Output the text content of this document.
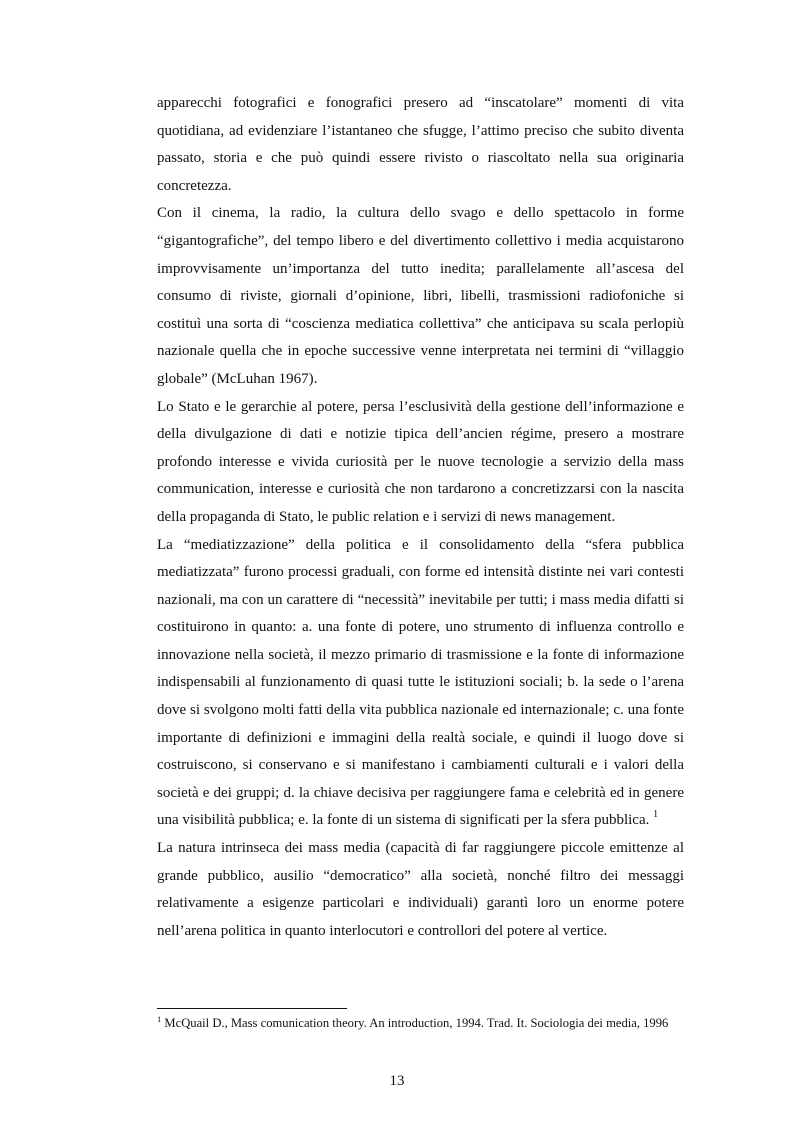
apparecchi fotografici e fonografici presero ad “inscatolare” momenti di vita quotidiana, ad evidenziare l’istantaneo che sfugge, l’attimo preciso che subito diventa passato, storia e che può quindi essere rivisto o riascoltato nella sua originaria concretezza.

Con il cinema, la radio, la cultura dello svago e dello spettacolo in forme “gigantografiche”, del tempo libero e del divertimento collettivo i media acquistarono improvvisamente un’importanza del tutto inedita; parallelamente all’ascesa del consumo di riviste, giornali d’opinione, libri, libelli, trasmissioni radiofoniche si costituì una sorta di “coscienza mediatica collettiva” che anticipava su scala perlopiù nazionale quella che in epoche successive venne interpretata nei termini di “villaggio globale” (McLuhan 1967).

Lo Stato e le gerarchie al potere, persa l’esclusività della gestione dell’informazione e della divulgazione di dati e notizie tipica dell’ancien régime, presero a mostrare profondo interesse e vivida curiosità per le nuove tecnologie a servizio della mass communication, interesse e curiosità che non tardarono a concretizzarsi con la nascita della propaganda di Stato, le public relation e i servizi di news management.

La “mediatizzazione” della politica e il consolidamento della “sfera pubblica mediatizzata” furono processi graduali, con forme ed intensità distinte nei vari contesti nazionali, ma con un carattere di “necessità” inevitabile per tutti; i mass media difatti si costituirono in quanto: a. una fonte di potere, uno strumento di influenza controllo e innovazione nella società, il mezzo primario di trasmissione e la fonte di informazione indispensabili al funzionamento di quasi tutte le istituzioni sociali; b. la sede o l’arena dove si svolgono molti fatti della vita pubblica nazionale ed internazionale; c. una fonte importante di definizioni e immagini della realtà sociale, e quindi il luogo dove si costruiscono, si conservano e si manifestano i cambiamenti culturali e i valori della società e dei gruppi; d. la chiave decisiva per raggiungere fama e celebrità ed in genere una visibilità pubblica; e. la fonte di un sistema di significati per la sfera pubblica. $^1$

La natura intrinseca dei mass media (capacità di far raggiungere piccole emittenze al grande pubblico, ausilio “democratico” alla società, nonché filtro dei messaggi relativamente a esigenze particolari e individuali) garantì loro un enorme potere nell’arena politica in quanto interlocutori e controllori del potere al vertice.

$^1$ McQuail D., Mass comunication theory. An introduction, 1994. Trad. It. Sociologia dei media, 1996

13
